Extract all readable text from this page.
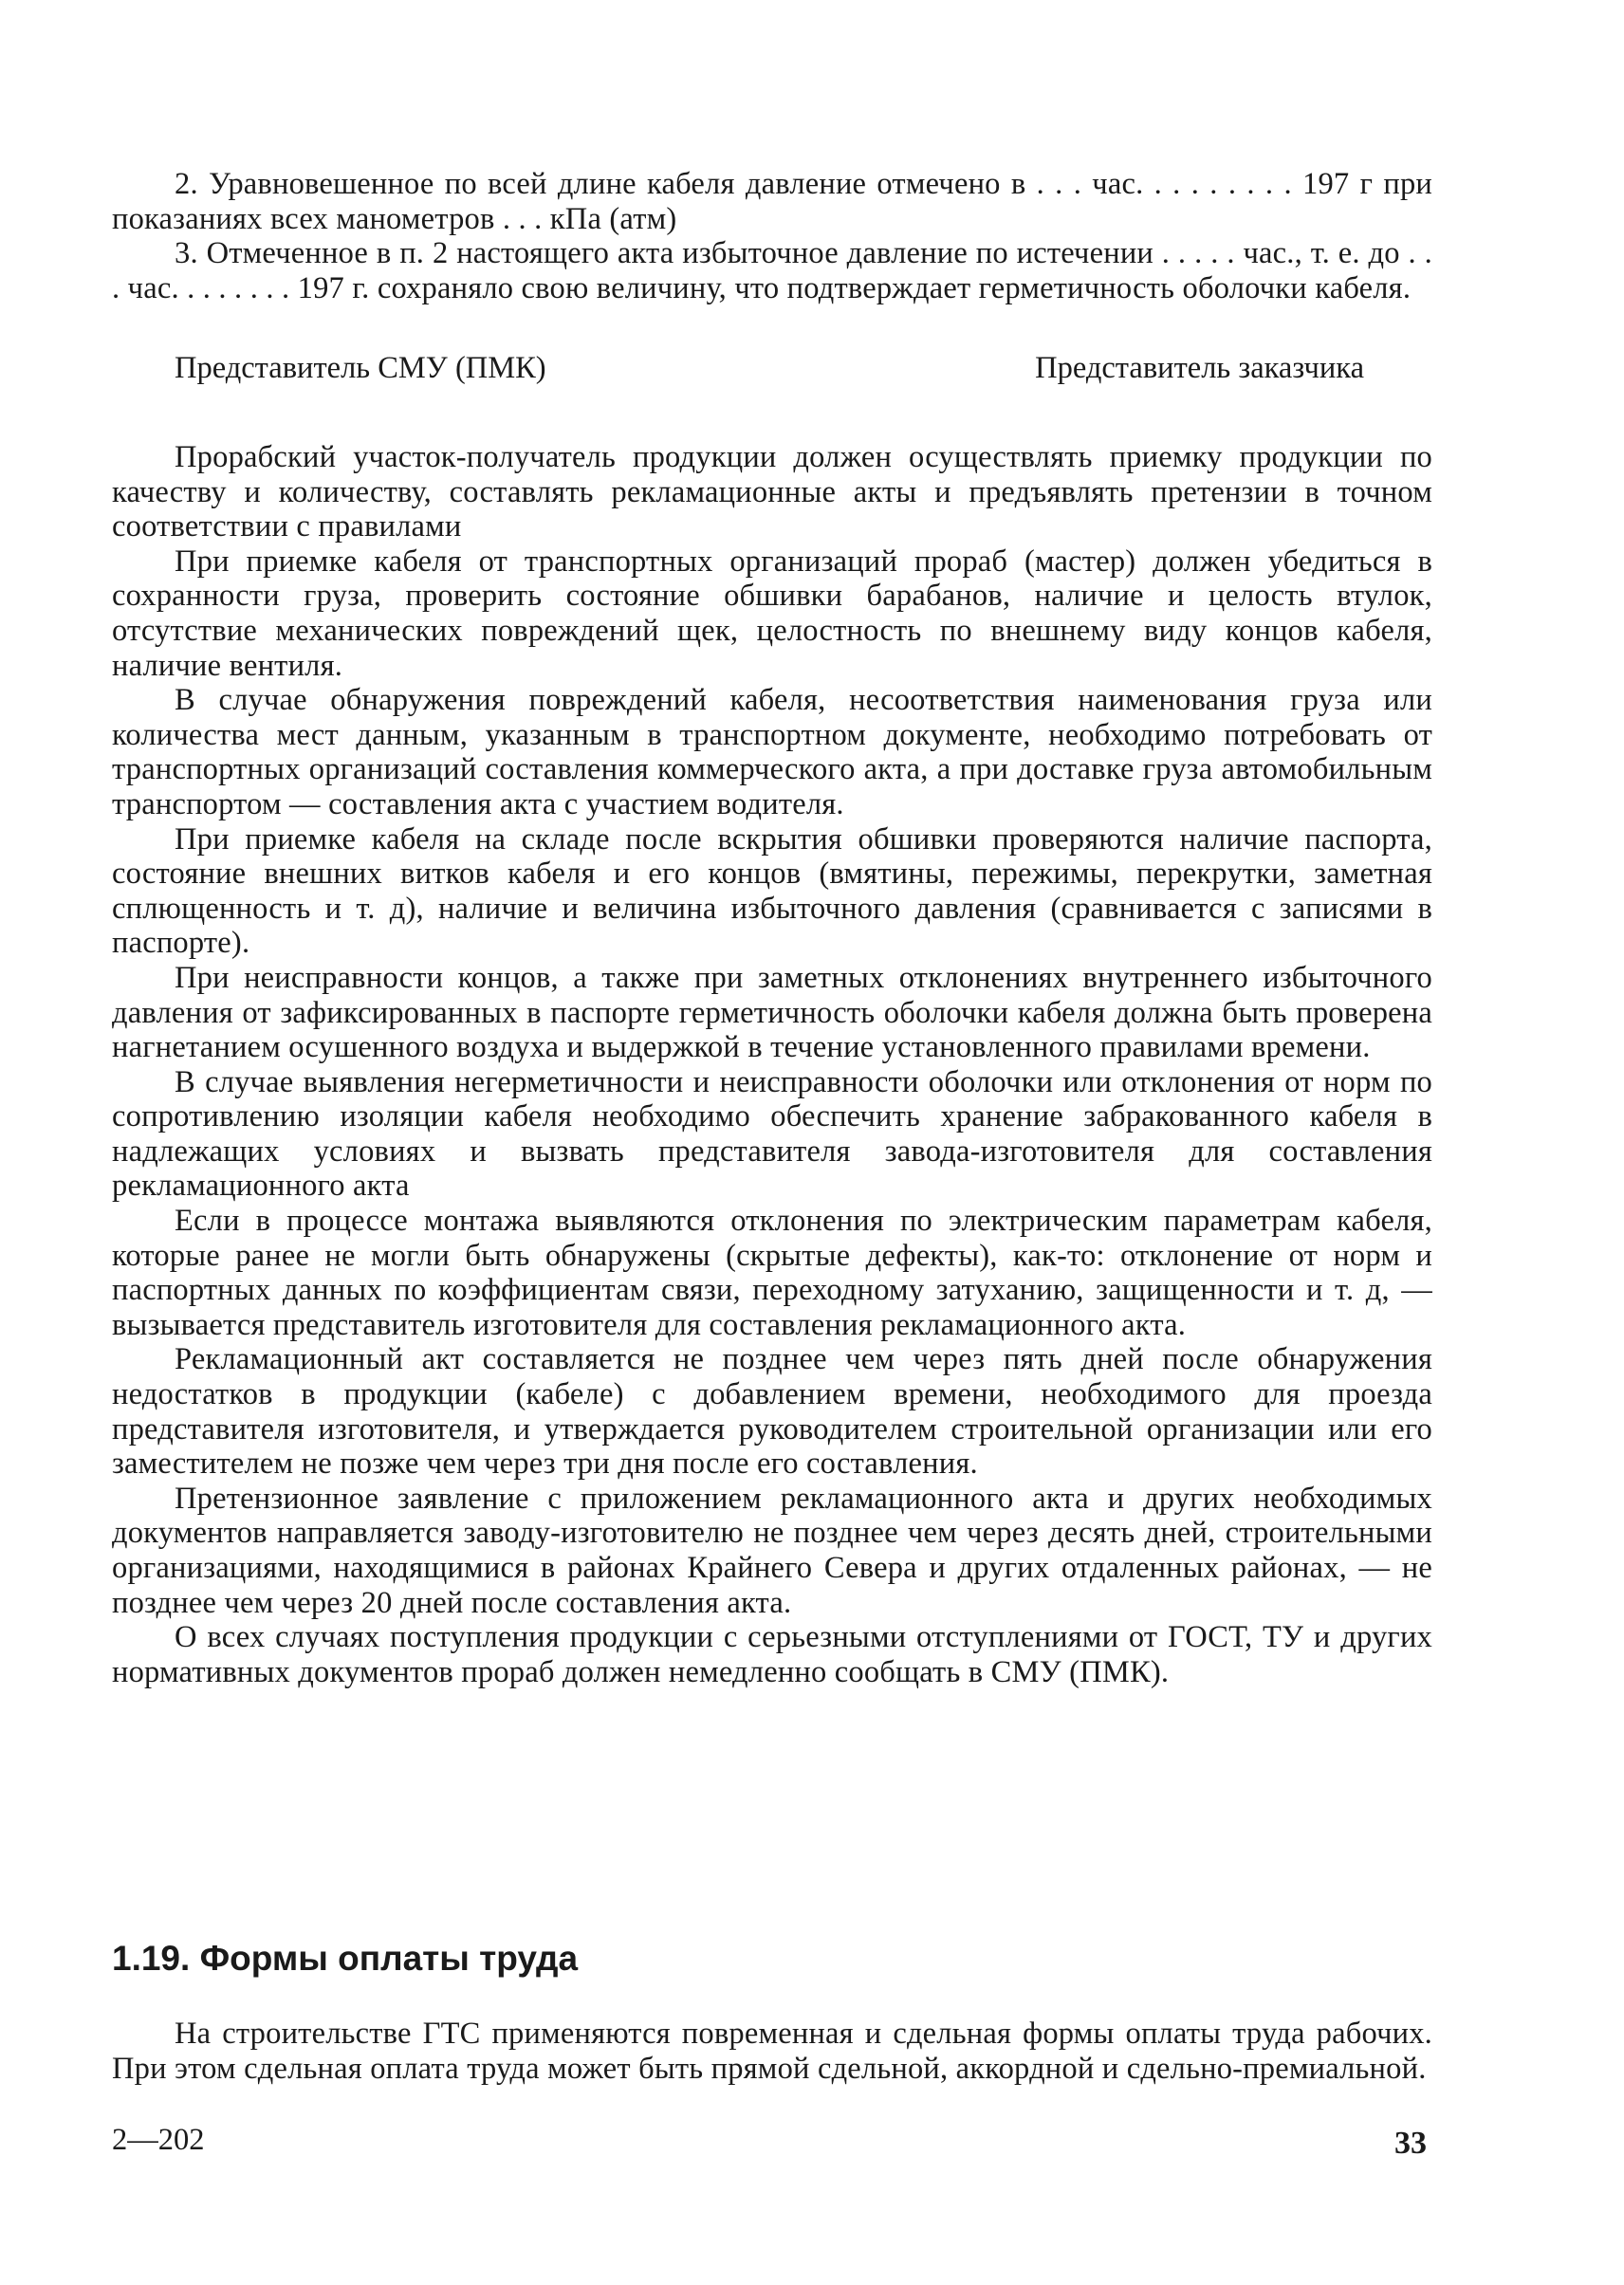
2. Уравновешенное по всей длине кабеля давление отмечено в . . . час. . . . . . . . . 197 г при показаниях всех манометров . . . кПа (атм)

3. Отмеченное в п. 2 настоящего акта избыточное давление по истечении . . . . . час., т. е. до . . . час. . . . . . . . 197 г. сохраняло свою величину, что подтверждает герметичность оболочки кабеля.

Представитель СМУ (ПМК)	Представитель заказчика

Прорабский участок-получатель продукции должен осуществлять приемку продукции по качеству и количеству, составлять рекламационные акты и предъявлять претензии в точном соответствии с правилами

При приемке кабеля от транспортных организаций прораб (мастер) должен убедиться в сохранности груза, проверить состояние обшивки барабанов, наличие и целость втулок, отсутствие механических повреждений щек, целостность по внешнему виду концов кабеля, наличие вентиля.

В случае обнаружения повреждений кабеля, несоответствия наименования груза или количества мест данным, указанным в транспортном документе, необходимо потребовать от транспортных организаций составления коммерческого акта, а при доставке груза автомобильным транспортом — составления акта с участием водителя.

При приемке кабеля на складе после вскрытия обшивки проверяются наличие паспорта, состояние внешних витков кабеля и его концов (вмятины, пережимы, перекрутки, заметная сплющенность и т. д), наличие и величина избыточного давления (сравнивается с записями в паспорте).

При неисправности концов, а также при заметных отклонениях внутреннего избыточного давления от зафиксированных в паспорте герметичность оболочки кабеля должна быть проверена нагнетанием осушенного воздуха и выдержкой в течение установленного правилами времени.

В случае выявления негерметичности и неисправности оболочки или отклонения от норм по сопротивлению изоляции кабеля необходимо обеспечить хранение забракованного кабеля в надлежащих условиях и вызвать представителя завода-изготовителя для составления рекламационного акта

Если в процессе монтажа выявляются отклонения по электрическим параметрам кабеля, которые ранее не могли быть обнаружены (скрытые дефекты), как-то: отклонение от норм и паспортных данных по коэффициентам связи, переходному затуханию, защищенности и т. д, — вызывается представитель изготовителя для составления рекламационного акта.

Рекламационный акт составляется не позднее чем через пять дней после обнаружения недостатков в продукции (кабеле) с добавлением времени, необходимого для проезда представителя изготовителя, и утверждается руководителем строительной организации или его заместителем не позже чем через три дня после его составления.

Претензионное заявление с приложением рекламационного акта и других необходимых документов направляется заводу-изготовителю не позднее чем через десять дней, строительными организациями, находящимися в районах Крайнего Севера и других отдаленных районах, — не позднее чем через 20 дней после составления акта.

О всех случаях поступления продукции с серьезными отступлениями от ГОСТ, ТУ и других нормативных документов прораб должен немедленно сообщать в СМУ (ПМК).

1.19. Формы оплаты труда

На строительстве ГТС применяются повременная и сдельная формы оплаты труда рабочих. При этом сдельная оплата труда может быть прямой сдельной, аккордной и сдельно-премиальной.

2—202	33
